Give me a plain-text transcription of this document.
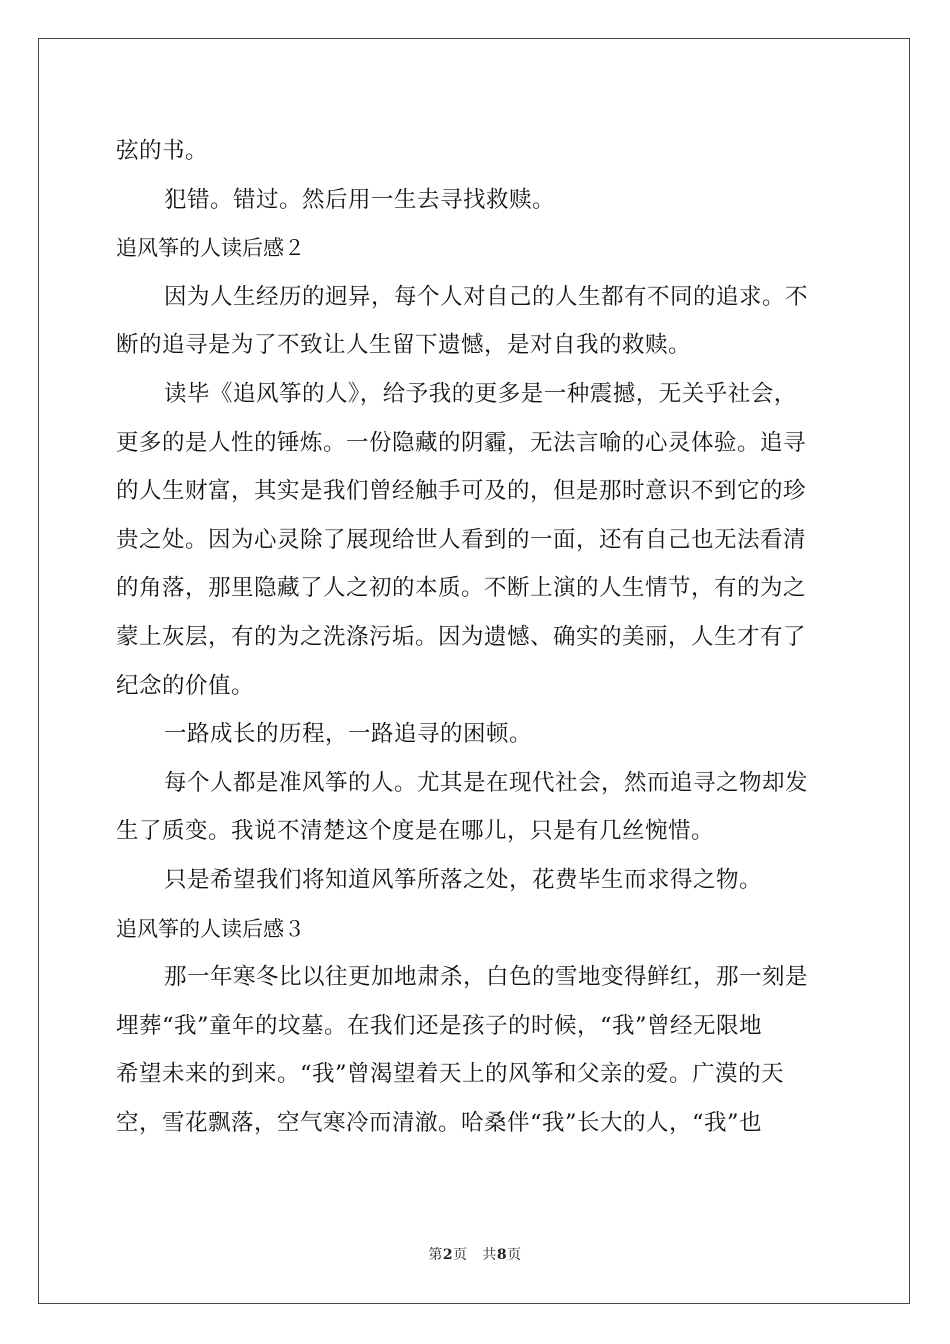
弦的书。
犯错。错过。然后用一生去寻找救赎。
追风筝的人读后感２
因为人生经历的迥异，每个人对自己的人生都有不同的追求。不
断的追寻是为了不致让人生留下遗憾，是对自我的救赎。
读毕《追风筝的人》，给予我的更多是一种震撼，无关乎社会，
更多的是人性的锤炼。一份隐藏的阴霾，无法言喻的心灵体验。追寻
的人生财富，其实是我们曾经触手可及的，但是那时意识不到它的珍
贵之处。因为心灵除了展现给世人看到的一面，还有自己也无法看清
的角落，那里隐藏了人之初的本质。不断上演的人生情节，有的为之
蒙上灰层，有的为之洗涤污垢。因为遗憾、确实的美丽，人生才有了
纪念的价值。
一路成长的历程，一路追寻的困顿。
每个人都是准风筝的人。尤其是在现代社会，然而追寻之物却发
生了质变。我说不清楚这个度是在哪儿，只是有几丝惋惜。
只是希望我们将知道风筝所落之处，花费毕生而求得之物。
追风筝的人读后感３
那一年寒冬比以往更加地肃杀，白色的雪地变得鲜红，那一刻是
埋葬“我”童年的坟墓。在我们还是孩子的时候，“我”曾经无限地
希望未来的到来。“我”曾渴望着天上的风筝和父亲的爱。广漠的天
空，雪花飘落，空气寒冷而清澈。哈桑伴“我”长大的人，“我”也
第2页 共8页
